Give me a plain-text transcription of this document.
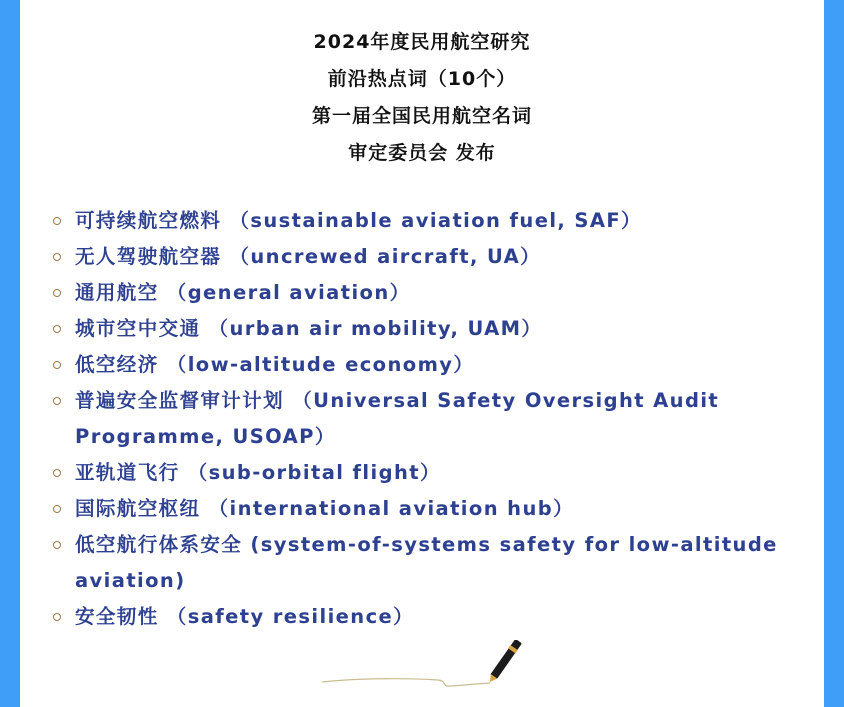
2024年度民用航空研究
前沿热点词（10个）
第一届全国民用航空名词
审定委员会 发布
可持续航空燃料 （sustainable aviation fuel, SAF）
无人驾驶航空器 （uncrewed aircraft, UA）
通用航空 （general aviation）
城市空中交通 （urban air mobility, UAM）
低空经济 （low-altitude economy）
普遍安全监督审计计划 （Universal Safety Oversight Audit Programme, USOAP）
亚轨道飞行 （sub-orbital flight）
国际航空枢纽 （international aviation hub）
低空航行体系安全 (system-of-systems safety for low-altitude aviation)
安全韧性 （safety resilience）
